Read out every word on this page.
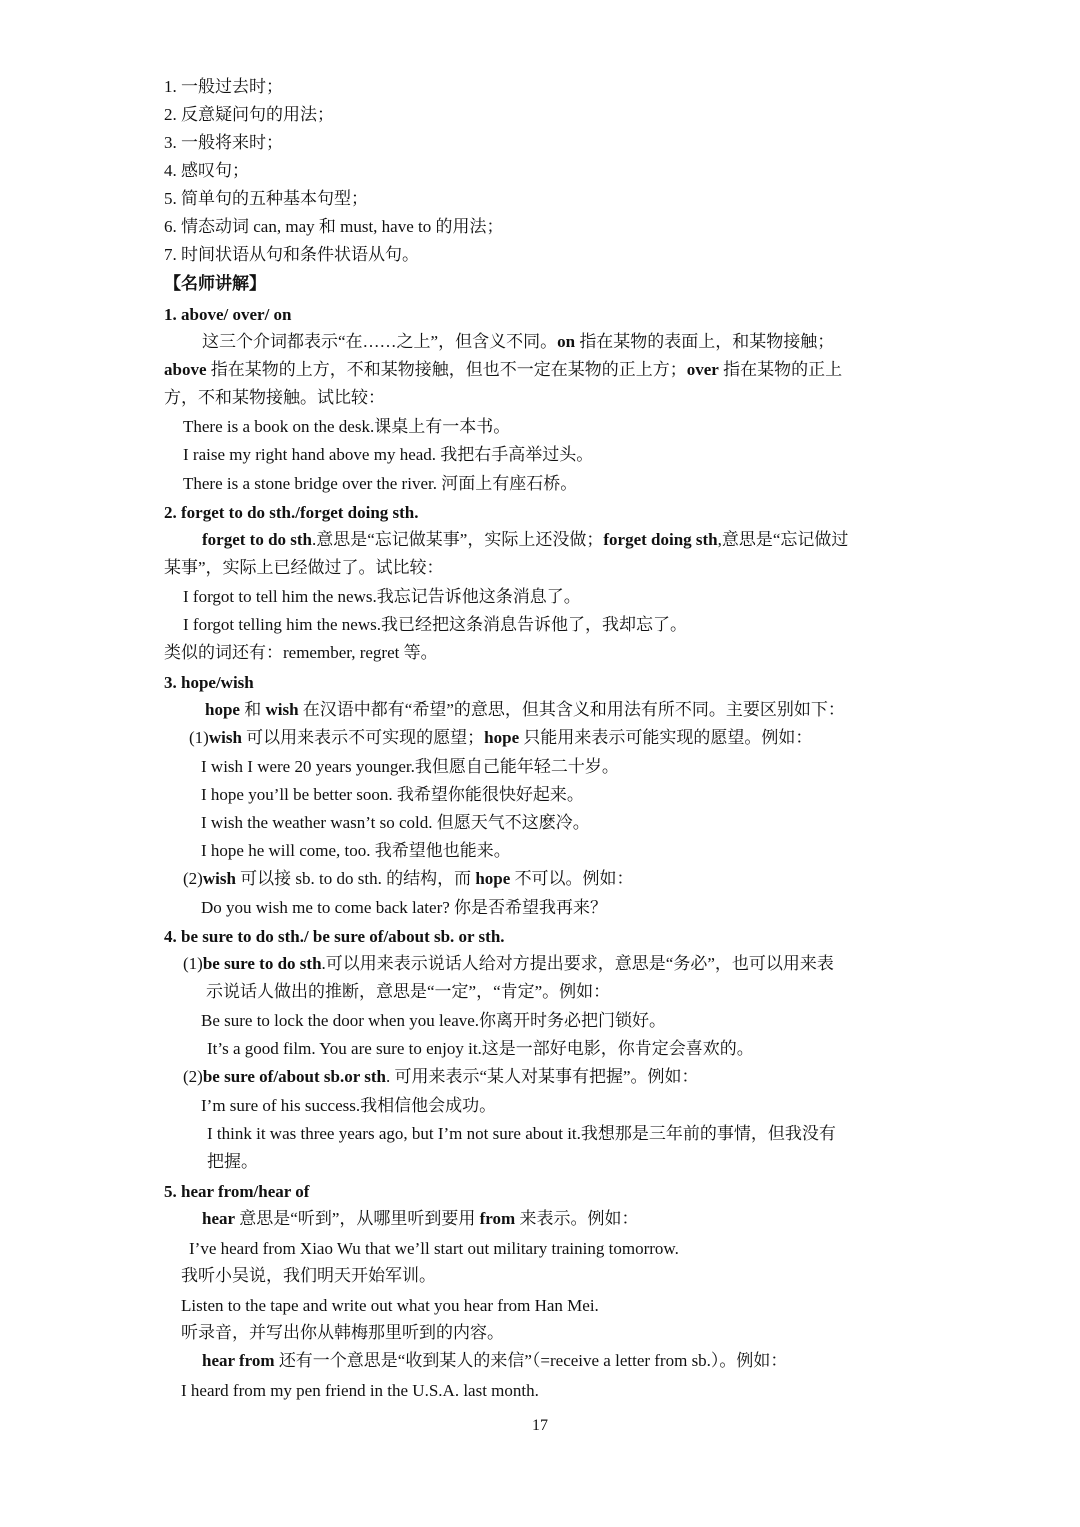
1. 一般过去时；
2. 反意疑问句的用法；
3. 一般将来时；
4. 感叹句；
5. 简单句的五种基本句型；
6. 情态动词 can, may 和 must, have to 的用法；
7. 时间状语从句和条件状语从句。
【名师讲解】
1. above/ over/ on
这三个介词都表示“在……之上”，但含义不同。on 指在某物的表面上，和某物接触；
above 指在某物的上方，不和某物接触，但也不一定在某物的正上方；over 指在某物的正上
方，不和某物接触。试比较：
There is a book on the desk.课桌上有一本书。
I raise my right hand above my head. 我把右手高举过头。
There is a stone bridge over the river. 河面上有座石桥。
2. forget to do sth./forget doing sth.
forget to do sth.意思是“忘记做某事”，实际上还没做；forget doing sth,意思是“忘记做过
某事”，实际上已经做过了。试比较：
I forgot to tell him the news.我忘记告诉他这条消息了。
I forgot telling him the news.我已经把这条消息告诉他了，我却忘了。
类似的词还有：remember, regret 等。
3. hope/wish
hope 和 wish 在汉语中都有“希望”的意思，但其含义和用法有所不同。主要区别如下：
(1)wish 可以用来表示不可实现的愿望；hope 只能用来表示可能实现的愿望。例如：
I wish I were 20 years younger.我但愿自己能年轻二十岁。
I hope you’ll be better soon. 我希望你能很快好起来。
I wish the weather wasn’t so cold. 但愿天气不这麽冷。
I hope he will come, too. 我希望他也能来。
(2)wish 可以接 sb. to do sth. 的结构，而 hope 不可以。例如：
Do you wish me to come back later? 你是否希望我再来？
4. be sure to do sth./ be sure of/about sb. or sth.
(1)be sure to do sth.可以用来表示说话人给对方提出要求，意思是“务必”，也可以用来表
示说话人做出的推断，意思是“一定”，“肯定”。例如：
Be sure to lock the door when you leave.你离开时务必把门锁好。
It’s a good film. You are sure to enjoy it.这是一部好电影，你肯定会喜欢的。
(2)be sure of/about sb.or sth. 可用来表示“某人对某事有把握”。例如：
I’m sure of his success.我相信他会成功。
I think it was three years ago, but I’m not sure about it.我想那是三年前的事情，但我没有
把握。
5. hear from/hear of
hear 意思是“听到”，从哪里听到要用 from 来表示。例如：
I’ve heard from Xiao Wu that we’ll start out military training tomorrow.
我听小吴说，我们明天开始军训。
Listen to the tape and write out what you hear from Han Mei.
听录音，并写出你从韩梅那里听到的内容。
hear from 还有一个意思是“收到某人的来信”（=receive a letter from sb.）。例如：
I heard from my pen friend in the U.S.A. last month.
17
